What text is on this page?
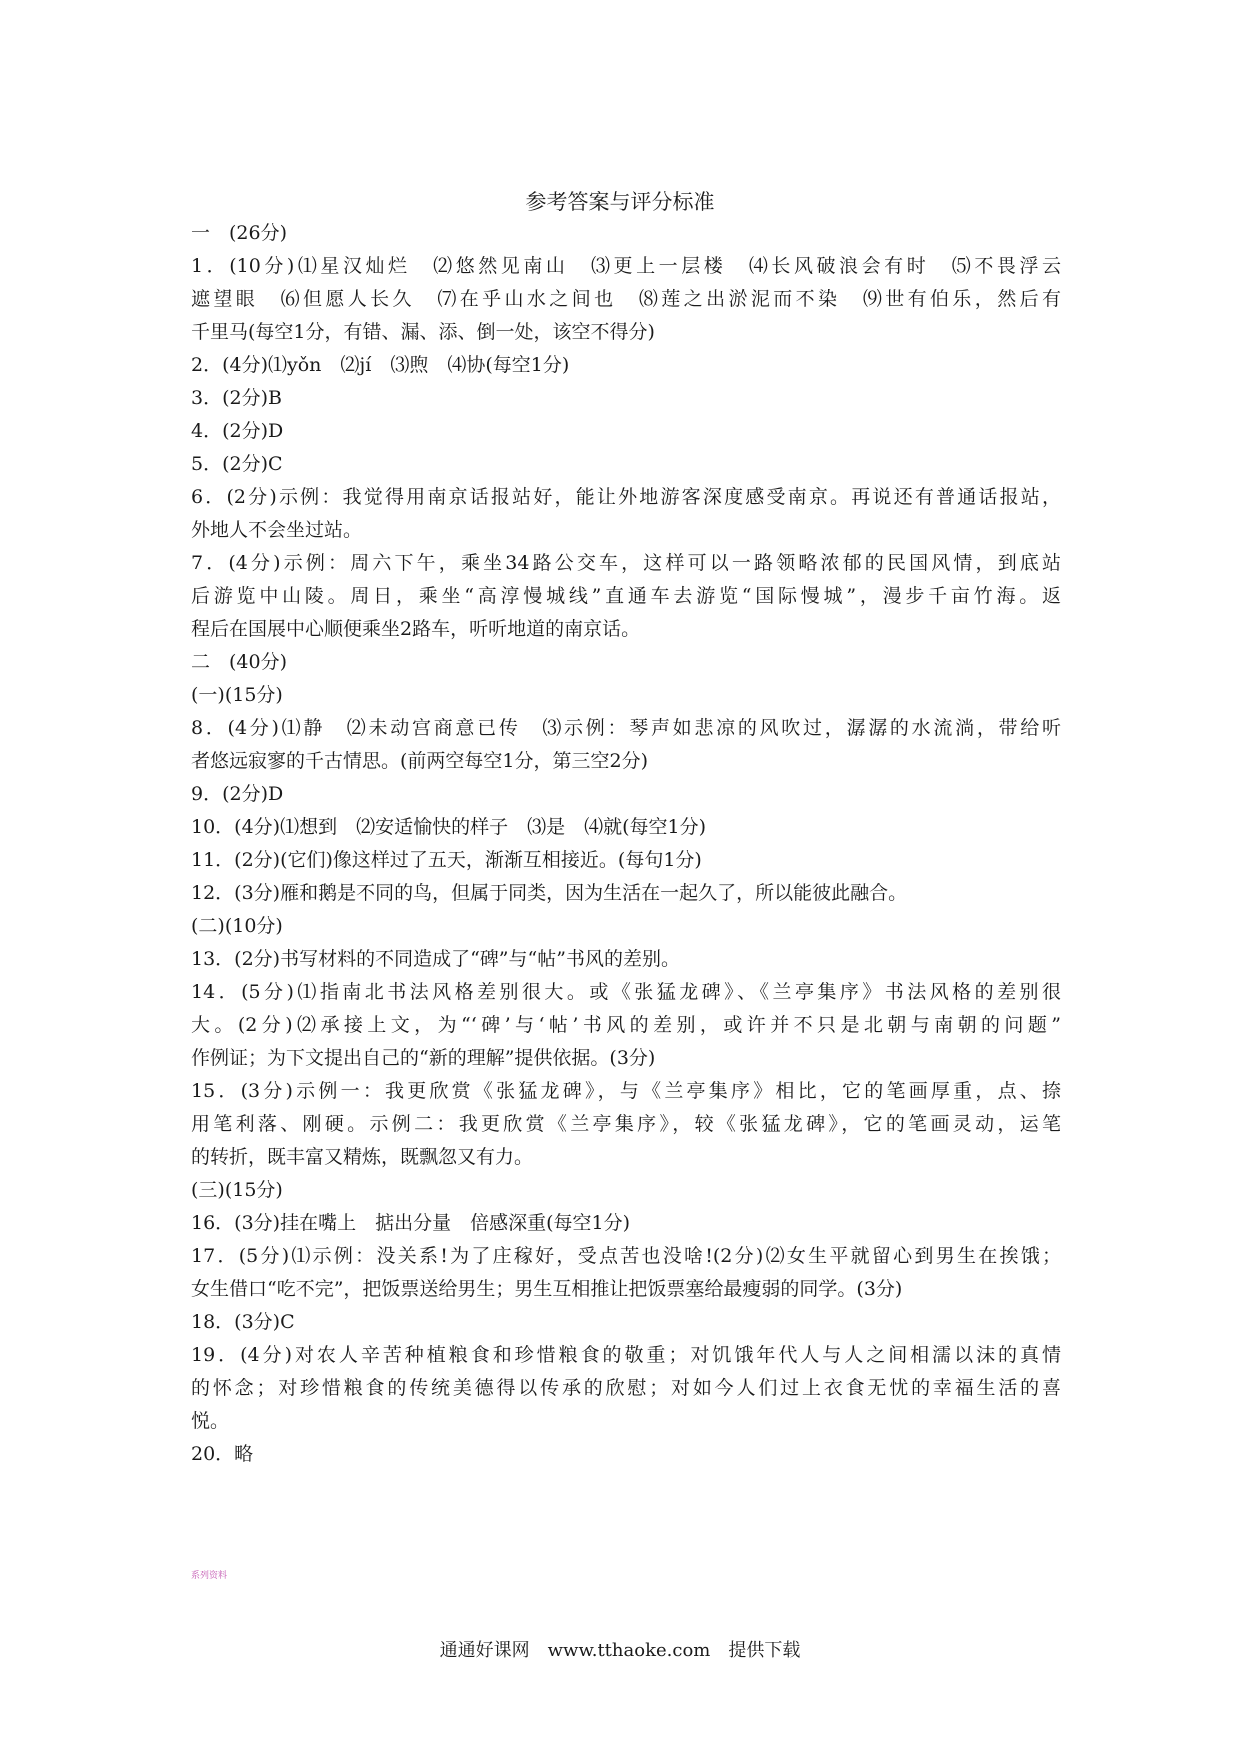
参考答案与评分标准
一　(26分)
1．(10分)⑴星汉灿烂　⑵悠然见南山　⑶更上一层楼　⑷长风破浪会有时　⑸不畏浮云
遮望眼　⑹但愿人长久　⑺在乎山水之间也　⑻莲之出淤泥而不染　⑼世有伯乐，然后有
千里马(每空1分，有错、漏、添、倒一处，该空不得分)
2．(4分)⑴yǒn　⑵jí　⑶煦　⑷协(每空1分)
3．(2分)B
4．(2分)D
5．(2分)C
6．(2分)示例：我觉得用南京话报站好，能让外地游客深度感受南京。再说还有普通话报站，
外地人不会坐过站。
7．(4分)示例：周六下午，乘坐34路公交车，这样可以一路领略浓郁的民国风情，到底站
后游览中山陵。周日，乘坐“高淳慢城线”直通车去游览“国际慢城”，漫步千亩竹海。返
程后在国展中心顺便乘坐2路车，听听地道的南京话。
二　(40分)
(一)(15分)
8．(4分)⑴静　⑵未动宫商意已传　⑶示例：琴声如悲凉的风吹过，潺潺的水流淌，带给听
者悠远寂寥的千古情思。(前两空每空1分，第三空2分)
9．(2分)D
10．(4分)⑴想到　⑵安适愉快的样子　⑶是　⑷就(每空1分)
11．(2分)(它们)像这样过了五天，渐渐互相接近。(每句1分)
12．(3分)雁和鹅是不同的鸟，但属于同类，因为生活在一起久了，所以能彼此融合。
(二)(10分)
13．(2分)书写材料的不同造成了“碑”与“帖”书风的差别。
14．(5分)⑴指南北书法风格差别很大。或《张猛龙碑》、《兰亭集序》书法风格的差别很
大。(2分)⑵承接上文，为“‘碑’与‘帖’书风的差别，或许并不只是北朝与南朝的问题”
作例证；为下文提出自己的“新的理解”提供依据。(3分)
15．(3分)示例一：我更欣赏《张猛龙碑》，与《兰亭集序》相比，它的笔画厚重，点、捺
用笔利落、刚硬。示例二：我更欣赏《兰亭集序》，较《张猛龙碑》，它的笔画灵动，运笔
的转折，既丰富又精炼，既飘忽又有力。
(三)(15分)
16．(3分)挂在嘴上　掂出分量　倍感深重(每空1分)
17．(5分)⑴示例：没关系!为了庄稼好，受点苦也没啥!(2分)⑵女生平就留心到男生在挨饿；
女生借口“吃不完”，把饭票送给男生；男生互相推让把饭票塞给最瘦弱的同学。(3分)
18．(3分)C
19．(4分)对农人辛苦种植粮食和珍惜粮食的敬重；对饥饿年代人与人之间相濡以沫的真情
的怀念；对珍惜粮食的传统美德得以传承的欣慰；对如今人们过上衣食无忧的幸福生活的喜
悦。
20．略
系列资料
通通好课网　www.tthaoke.com　提供下载
